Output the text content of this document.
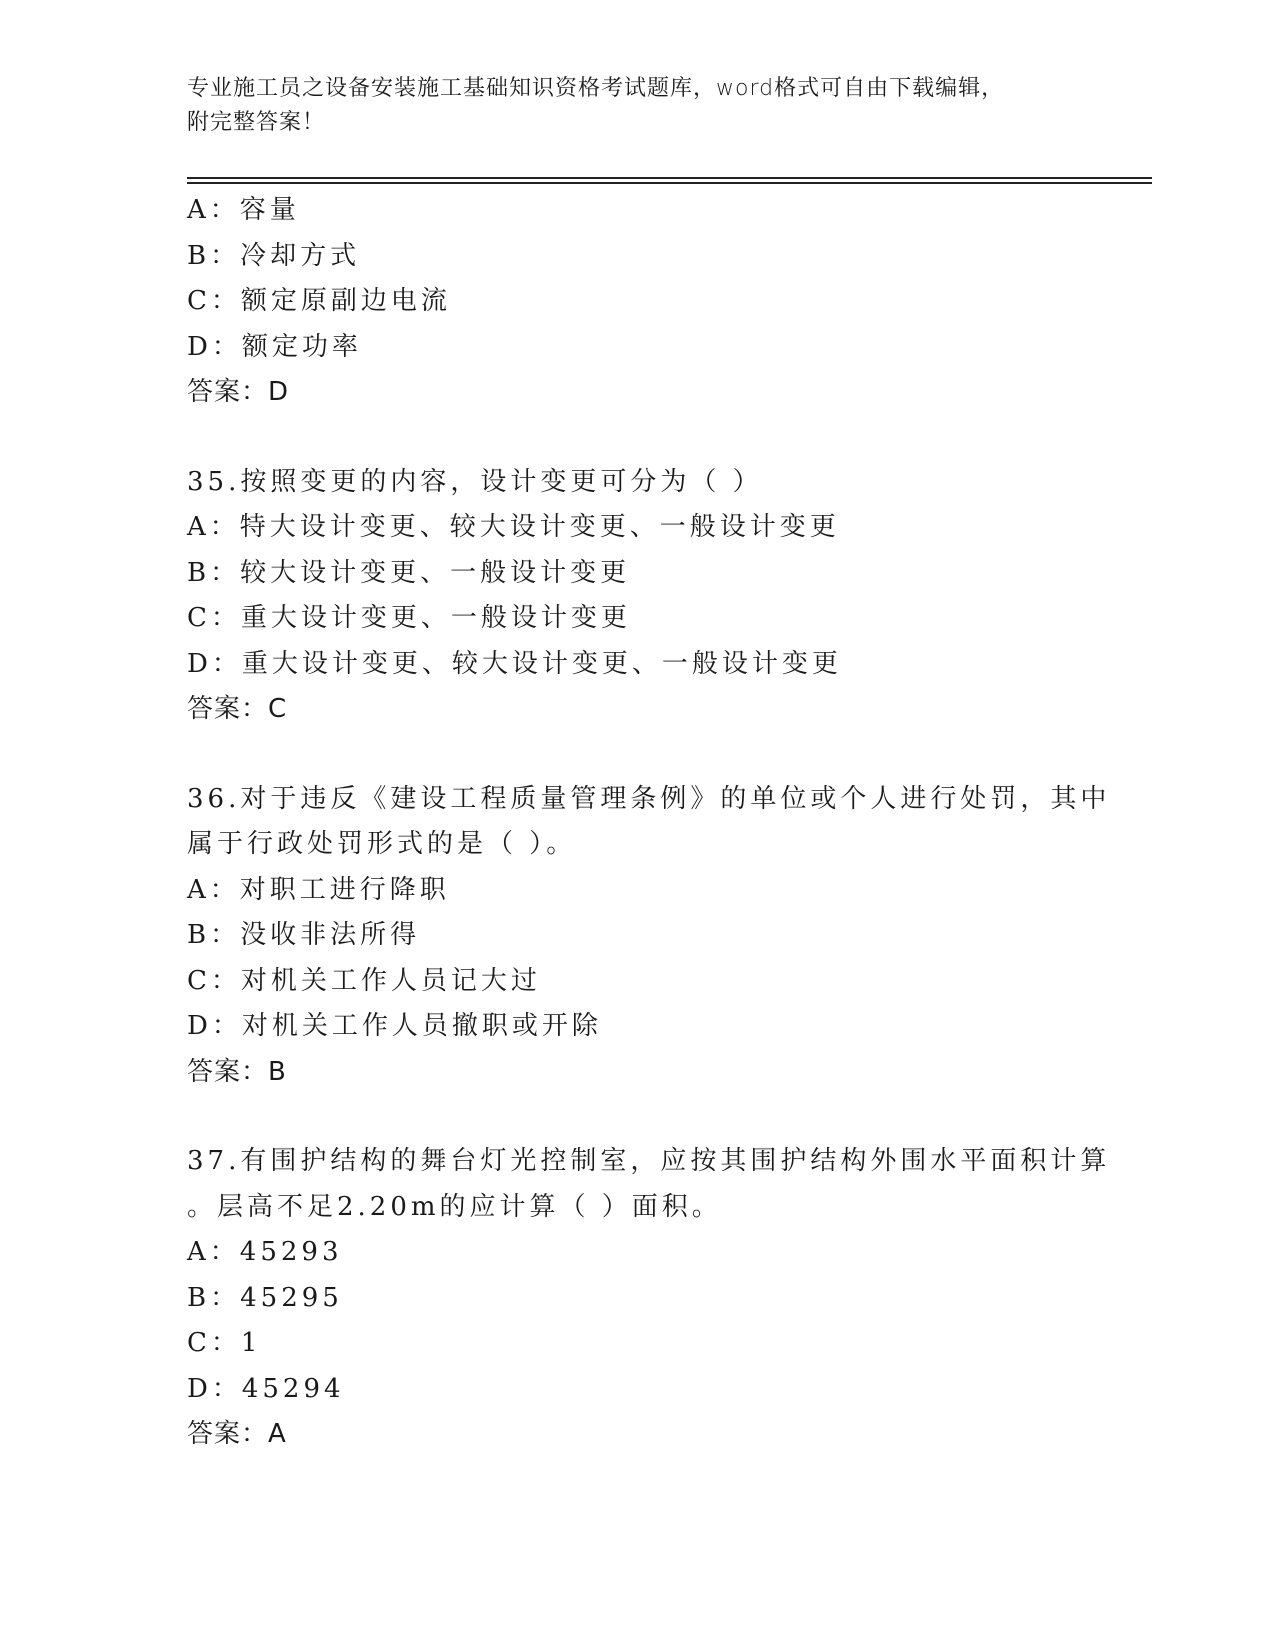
专业施工员之设备安装施工基础知识资格考试题库，word格式可自由下载编辑，
附完整答案！
A：容量
B：冷却方式
C：额定原副边电流
D：额定功率
答案：D
35.按照变更的内容，设计变更可分为（ ）
A：特大设计变更、较大设计变更、一般设计变更
B：较大设计变更、一般设计变更
C：重大设计变更、一般设计变更
D：重大设计变更、较大设计变更、一般设计变更
答案：C
36.对于违反《建设工程质量管理条例》的单位或个人进行处罚，其中
属于行政处罚形式的是（ ）。
A：对职工进行降职
B：没收非法所得
C：对机关工作人员记大过
D：对机关工作人员撤职或开除
答案：B
37.有围护结构的舞台灯光控制室，应按其围护结构外围水平面积计算
。层高不足2.20m的应计算（ ）面积。
A：45293
B：45295
C：1
D：45294
答案：A
